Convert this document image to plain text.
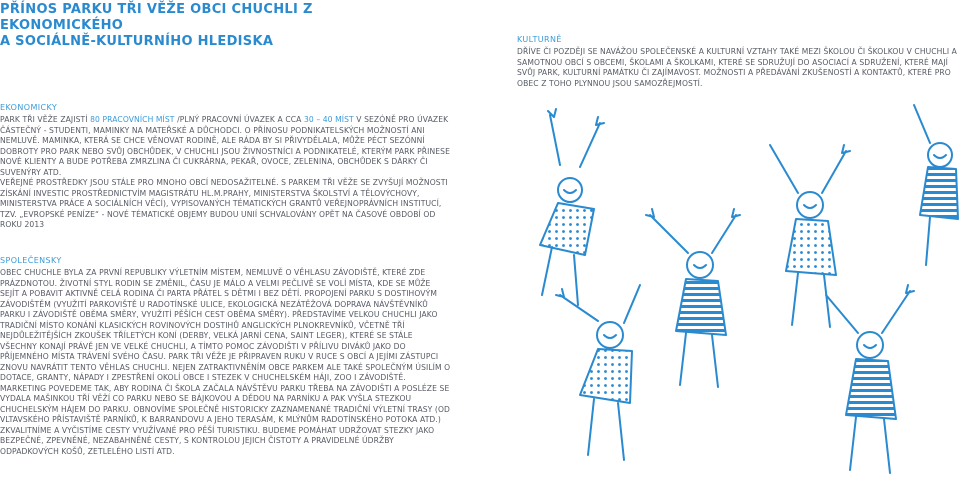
PŘÍNOS PARKU TŘI VĚŽE OBCI CHUCHLI Z EKONOMICKÉHO
A SOCIÁLNĚ-KULTURNÍHO HLEDISKA	KULTURNĚ

DŘÍVE ČI POZDĚJI SE NAVÁŽOU SPOLEČENSKÉ A KULTURNÍ VZTAHY TAKÉ MEZI ŠKOLOU ČI ŠKOLKOU V CHUCHLI A SAMOTNOU OBCÍ S OBCEMI, ŠKOLAMI A ŠKOLKAMI, KTERÉ SE SDRUŽUJÍ DO ASOCIACÍ A SDRUŽENÍ, KTERÉ MAJÍ SVŮJ PARK, KULTURNÍ PAMÁTKU ČI ZAJÍMAVOST. MOŽNOSTI A PŘEDÁVÁNÍ ZKUŠENOSTÍ A KONTAKTŮ, KTERÉ PRO OBEC Z TOHO PLYNNOU JSOU SAMOZŘEJMOSTÍ.

EKONOMICKY

PARK TŘI VĚŽE ZAJISTÍ 80 PRACOVNÍCH MÍST /PLNÝ PRACOVNÍ ÚVAZEK A CCA 30 – 40 MÍST V SEZÓNĚ PRO ÚVAZEK ČÁSTEČNÝ - STUDENTI, MAMINKY NA MATEŘSKÉ A DŮCHODCI. O PŘÍNOSU PODNIKATELSKÝCH MOŽNOSTÍ ANI NEMLUVĚ. MAMINKA, KTERÁ SE CHCE VĚNOVAT RODINĚ, ALE RÁDA BY SI PŘIVYDĚLALA, MŮŽE PÉCT SEZÓNNÍ DOBROTY PRO PARK NEBO SVŮJ OBCHŮDEK, V CHUCHLI JSOU ŽIVNOSTNÍCI A PODNIKATELÉ, KTERÝM PARK PŘINESE NOVÉ KLIENTY A BUDE POTŘEBA ZMRZLINA ČI CUKRÁRNA, PEKAŘ, OVOCE, ZELENINA, OBCHŮDEK S DÁRKY ČI SUVENÝRY ATD.

VEŘEJNÉ PROSTŘEDKY JSOU STÁLE PRO MNOHO OBCÍ NEDOSAŽITELNÉ. S PARKEM TŘI VĚŽE SE ZVYŠUJÍ MOŽNOSTI ZÍSKÁNÍ INVESTIC PROSTŘEDNICTVÍM MAGISTRÁTU HL.M.PRAHY, MINISTERSTVA ŠKOLSTVÍ A TĚLOVÝCHOVY, MINISTERSTVA PRÁCE A SOCIÁLNÍCH VĚCÍ), VYPISOVANÝCH TÉMATICKÝCH GRANTŮ VEŘEJNOPRÁVNÍCH INSTITUCÍ, TZV. „EVROPSKÉ PENÍZE“ - NOVÉ TÉMATICKÉ OBJEMY BUDOU UNIÍ SCHVALOVÁNY OPĚT NA ČASOVÉ OBDOBÍ OD ROKU 2013

SPOLEČENSKY

OBEC CHUCHLE BYLA ZA PRVNÍ REPUBLIKY VÝLETNÍM MÍSTEM, NEMLUVĚ O VĚHLASU ZÁVODIŠTĚ, KTERÉ ZDE PRÁZDNOTOU. ŽIVOTNÍ STYL RODIN SE ZMĚNIL, ČASU JE MÁLO A VELMI PEČLIVĚ SE VOLÍ MÍSTA, KDE SE MŮŽE SEJÍT A POBAVIT AKTIVNĚ CELÁ RODINA ČI PARTA PŘÁTEL S DĚTMI I BEZ DĚTÍ. PROPOJENÍ PARKU S DOSTIHOVÝM ZÁVODIŠTĚM (VYUŽITÍ PARKOVIŠTĚ U RADOTÍNSKÉ ULICE, EKOLOGICKÁ NEZÁTĚŽOVÁ DOPRAVA NÁVŠTĚVNÍKŮ PARKU I ZÁVODIŠTĚ OBĚMA SMĚRY, VYUŽITÍ PĚŠÍCH CEST OBĚMA SMĚRY). PŘEDSTAVÍME VELKOU CHUCHLI JAKO TRADIČNÍ MÍSTO KONÁNÍ KLASICKÝCH ROVINOVÝCH DOSTIHŮ ANGLICKÝCH PLNOKREVNÍKŮ, VČETNĚ TŘÍ NEJDŮLEŽITĚJŠÍCH ZKOUŠEK TŘÍLETÝCH KONÍ (DERBY, VELKÁ JARNÍ CENA, SAINT LEGER), KTERÉ SE STÁLE VŠECHNY KONAJÍ PRÁVĚ JEN VE VELKÉ CHUCHLI, A TÍMTO POMOC ZÁVODIŠTI V PŘÍLIVU DIVÁKŮ JAKO DO PŘÍJEMNÉHO MÍSTA TRÁVENÍ SVÉHO ČASU. PARK TŘI VĚŽE JE PŘIPRAVEN RUKU V RUCE S OBCÍ A JEJÍMI ZÁSTUPCI ZNOVU NAVRÁTIT TENTO VĚHLAS CHUCHLI. NEJEN ZATRAKTIVNĚNÍM OBCE PARKEM ALE TAKÉ SPOLEČNÝM ÚSILÍM O DOTACE, GRANTY, NÁPADY I ZPESTŘENÍ OKOLÍ OBCE I STEZEK V CHUCHELSKÉM HÁJI, ZOO I ZÁVODIŠTĚ. MARKETING POVEDEME TAK, ABY RODINA ČI ŠKOLA ZAČALA NÁVŠTĚVU PARKU TŘEBA NA ZÁVODIŠTI A POSLÉZE SE VYDALA MAŠINKOU TŘÍ VĚŽÍ CO PARKU NEBO SE BÁJKOVOU A DĚDOU NA PARNÍKU A PAK VYŠLA STEZKOU CHUCHELSKÝM HÁJEM DO PARKU. OBNOVÍME SPOLEČNĚ HISTORICKY ZAZNAMENANÉ TRADIČNÍ VÝLETNÍ TRASY (OD VLTAVSKÉHO PŘÍSTAVIŠTĚ PARNÍKŮ, K BARRANDOVU A JEHO TERASÁM, K MLÝNŮM RADOTÍNSKÉHO POTOKA ATD.) ZKVALITNÍME A VYČISTÍME CESTY VYUŽÍVANÉ PRO PĚŠÍ TURISTIKU. BUDEME POMÁHAT UDRŽOVAT STEZKY JAKO BEZPEČNÉ, ZPEVNĚNÉ, NEZABAHNĚNÉ CESTY, S KONTROLOU JEJICH ČISTOTY A PRAVIDELNÉ ÚDRŽBY ODPADKOVÝCH KOŠŮ, ZETLELÉHO LISTÍ ATD.
